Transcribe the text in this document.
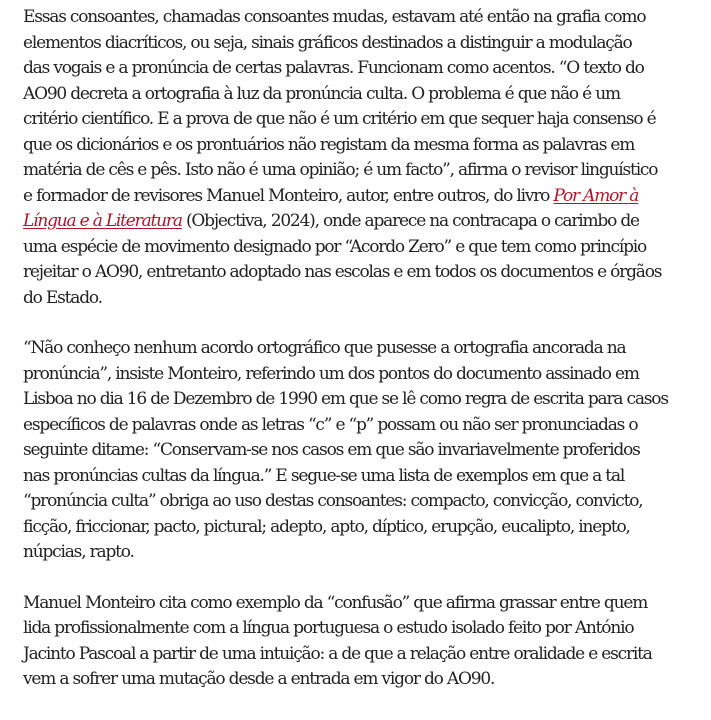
Essas consoantes, chamadas consoantes mudas, estavam até então na grafia como
elementos diacríticos, ou seja, sinais gráficos destinados a distinguir a modulação
das vogais e a pronúncia de certas palavras. Funcionam como acentos. “O texto do
AO90 decreta a ortografia à luz da pronúncia culta. O problema é que não é um
critério científico. E a prova de que não é um critério em que sequer haja consenso é
que os dicionários e os prontuários não registam da mesma forma as palavras em
matéria de cês e pês. Isto não é uma opinião; é um facto”, afirma o revisor linguístico
e formador de revisores Manuel Monteiro, autor, entre outros, do livro Por Amor à
Língua e à Literatura (Objectiva, 2024), onde aparece na contracapa o carimbo de
uma espécie de movimento designado por “Acordo Zero” e que tem como princípio
rejeitar o AO90, entretanto adoptado nas escolas e em todos os documentos e órgãos
do Estado.

“Não conheço nenhum acordo ortográfico que pusesse a ortografia ancorada na
pronúncia”, insiste Monteiro, referindo um dos pontos do documento assinado em
Lisboa no dia 16 de Dezembro de 1990 em que se lê como regra de escrita para casos
específicos de palavras onde as letras “c” e “p” possam ou não ser pronunciadas o
seguinte ditame: “Conservam-se nos casos em que são invariavelmente proferidos
nas pronúncias cultas da língua.” E segue-se uma lista de exemplos em que a tal
“pronúncia culta” obriga ao uso destas consoantes: compacto, convicção, convicto,
ficção, friccionar, pacto, pictural; adepto, apto, díptico, erupção, eucalipto, inepto,
núpcias, rapto.

Manuel Monteiro cita como exemplo da “confusão” que afirma grassar entre quem
lida profissionalmente com a língua portuguesa o estudo isolado feito por António
Jacinto Pascoal a partir de uma intuição: a de que a relação entre oralidade e escrita
vem a sofrer uma mutação desde a entrada em vigor do AO90.
